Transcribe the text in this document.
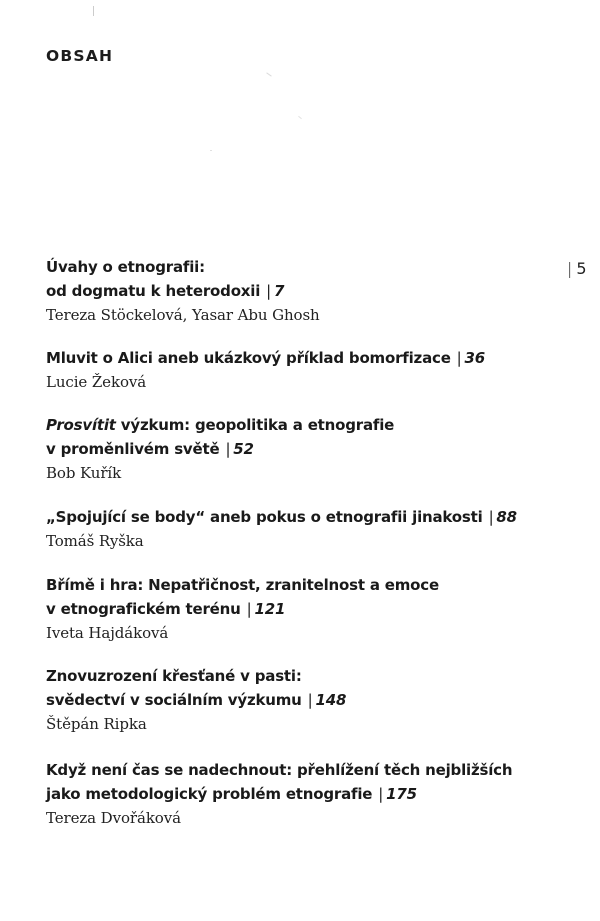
OBSAH
| 5
Úvahy o etnografii:
od dogmatu k heterodoxii | 7
Tereza Stöckelová, Yasar Abu Ghosh
Mluvit o Alici aneb ukázkový příklad bomorfizace | 36
Lucie Žeková
Prosvítit výzkum: geopolitika a etnografie
v proměnlivém světě | 52
Bob Kuřík
„Spojující se body“ aneb pokus o etnografii jinakosti | 88
Tomáš Ryška
Břímě i hra: Nepatřičnost, zranitelnost a emoce
v etnografickém terénu | 121
Iveta Hajdáková
Znovuzrození křesťané v pasti:
svědectví v sociálním výzkumu | 148
Štěpán Ripka
Když není čas se nadechnout: přehlížení těch nejbližších
jako metodologický problém etnografie | 175
Tereza Dvořáková
